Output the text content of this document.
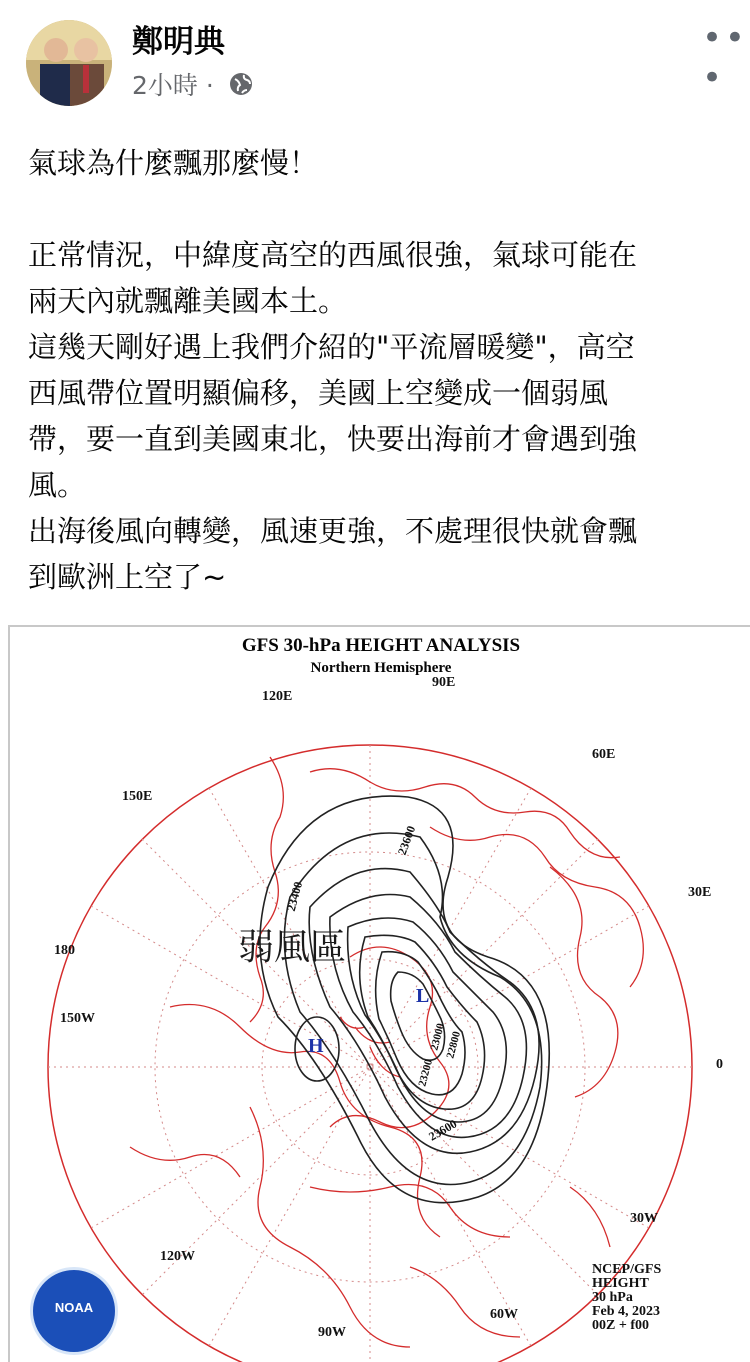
鄭明典
2小時 ·
• • •
氣球為什麼飄那麼慢！
正常情況，中緯度高空的西風很強，氣球可能在
兩天內就飄離美國本土。
這幾天剛好遇上我們介紹的"平流層暖變"，高空
西風帶位置明顯偏移，美國上空變成一個弱風
帶，要一直到美國東北，快要出海前才會遇到強
風。
出海後風向轉變，風速更強，不處理很快就會飄
到歐洲上空了~
GFS 30-hPa HEIGHT ANALYSIS
Northern Hemisphere
90E
120E
60E
150E
30E
180
0
150W
30W
120W
60W
90W
23600
23400
23600
23000
22800
23200
H
L
弱風區
NOAA
NCEP/GFS
HEIGHT
30 hPa
Feb 4, 2023
00Z + f00
